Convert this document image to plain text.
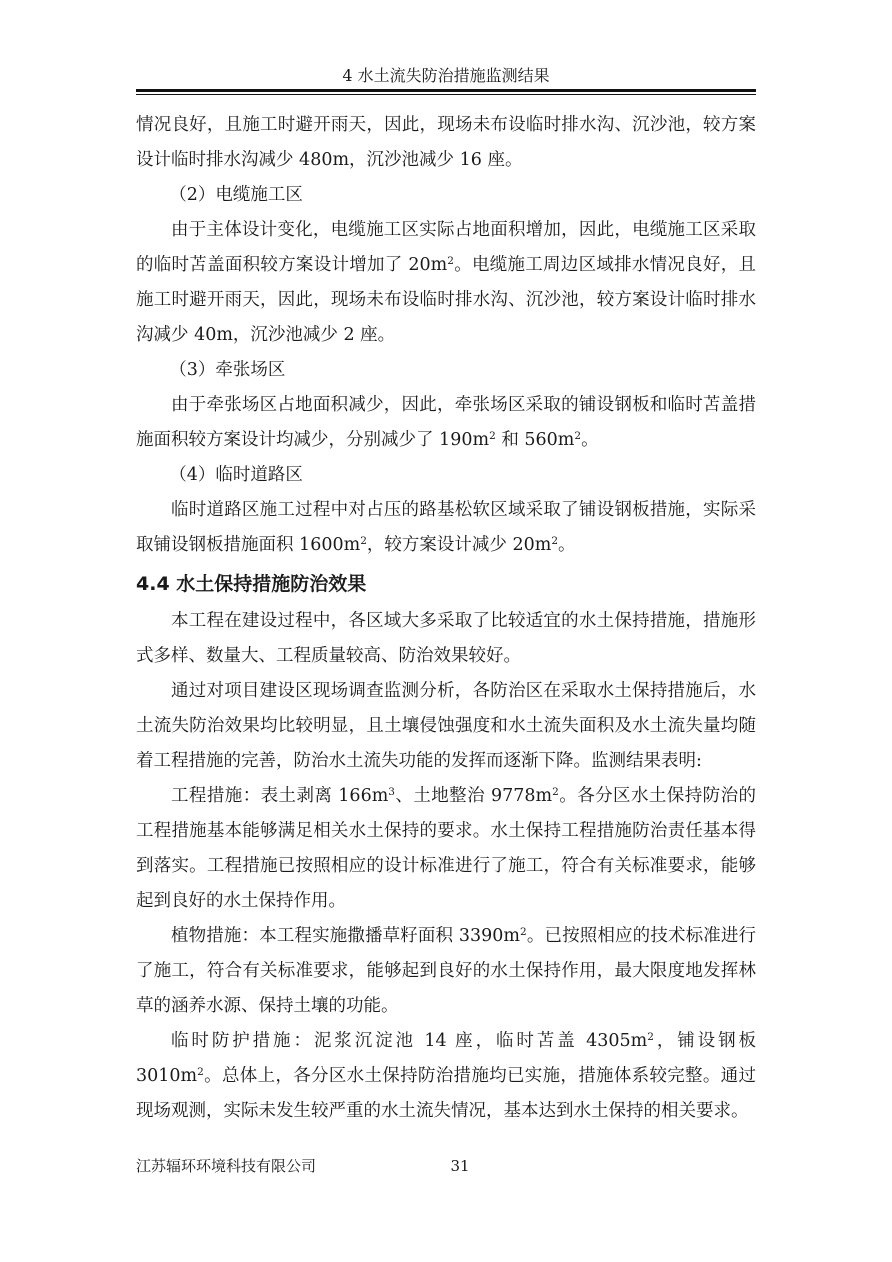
4 水土流失防治措施监测结果

情况良好，且施工时避开雨天，因此，现场未布设临时排水沟、沉沙池，较方案设计临时排水沟减少 480m，沉沙池减少 16 座。

（2）电缆施工区

由于主体设计变化，电缆施工区实际占地面积增加，因此，电缆施工区采取的临时苫盖面积较方案设计增加了 $20m^2$。电缆施工周边区域排水情况良好，且施工时避开雨天，因此，现场未布设临时排水沟、沉沙池，较方案设计临时排水沟减少 40m，沉沙池减少 2 座。

（3）牵张场区

由于牵张场区占地面积减少，因此，牵张场区采取的铺设钢板和临时苫盖措施面积较方案设计均减少，分别减少了 $190m^2$ 和 $560m^2$。

（4）临时道路区

临时道路区施工过程中对占压的路基松软区域采取了铺设钢板措施，实际采取铺设钢板措施面积 $1600m^2$，较方案设计减少 $20m^2$。

4.4 水土保持措施防治效果

本工程在建设过程中，各区域大多采取了比较适宜的水土保持措施，措施形式多样、数量大、工程质量较高、防治效果较好。

通过对项目建设区现场调查监测分析，各防治区在采取水土保持措施后，水土流失防治效果均比较明显，且土壤侵蚀强度和水土流失面积及水土流失量均随着工程措施的完善，防治水土流失功能的发挥而逐渐下降。监测结果表明:

工程措施：表土剥离 $166m^3$、土地整治 $9778m^2$。各分区水土保持防治的工程措施基本能够满足相关水土保持的要求。水土保持工程措施防治责任基本得到落实。工程措施已按照相应的设计标准进行了施工，符合有关标准要求，能够起到良好的水土保持作用。

植物措施：本工程实施撒播草籽面积 $3390m^2$。已按照相应的技术标准进行了施工，符合有关标准要求，能够起到良好的水土保持作用，最大限度地发挥林草的涵养水源、保持土壤的功能。

临时防护措施：泥浆沉淀池 14 座，临时苫盖 $4305m^2$，铺设钢板 $3010m^2$。总体上，各分区水土保持防治措施均已实施，措施体系较完整。通过现场观测，实际未发生较严重的水土流失情况，基本达到水土保持的相关要求。

江苏辐环环境科技有限公司	31
